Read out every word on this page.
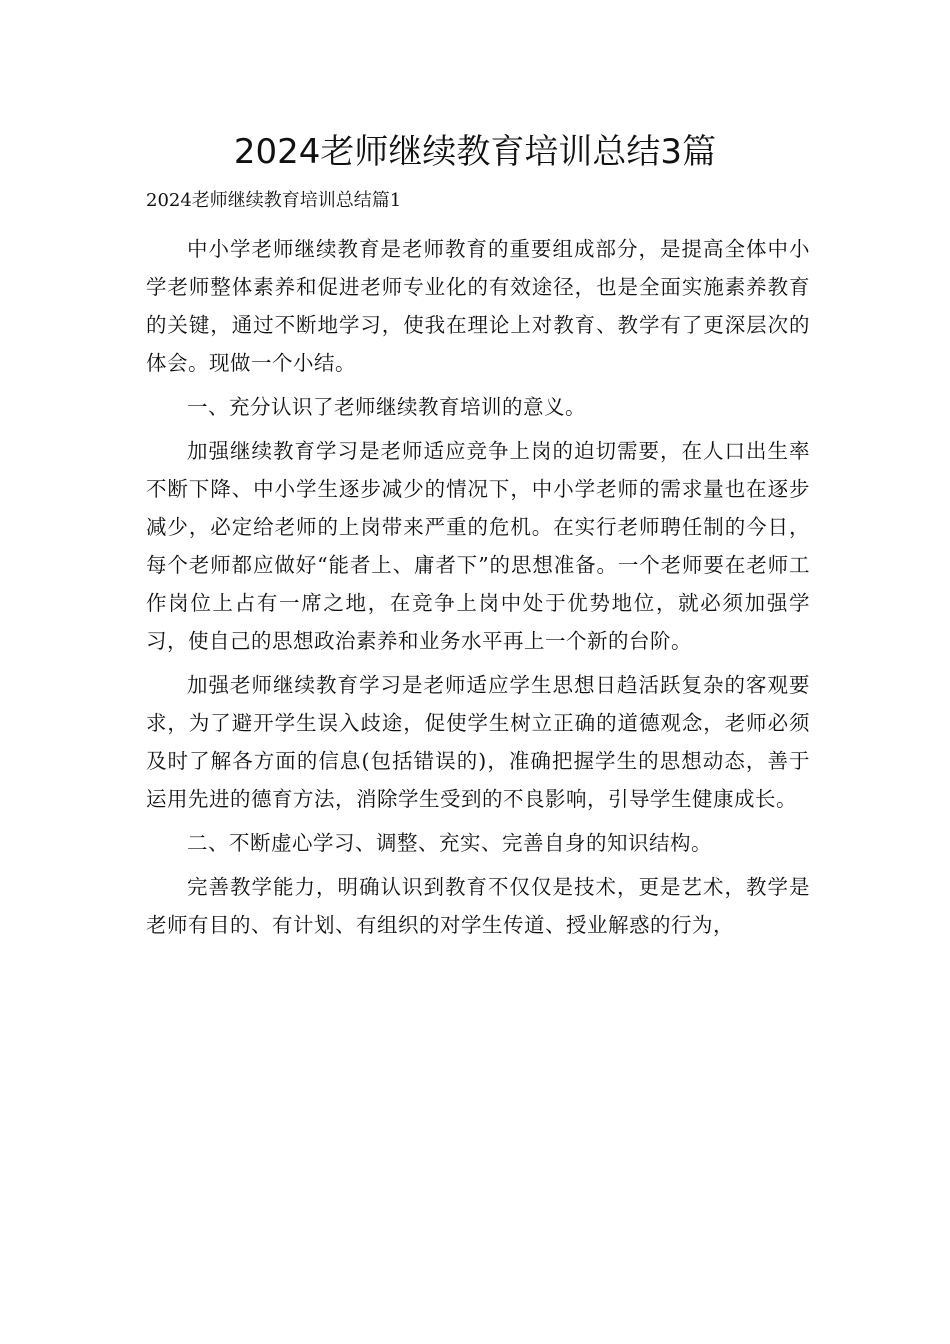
2024老师继续教育培训总结3篇

2024老师继续教育培训总结篇1

中小学老师继续教育是老师教育的重要组成部分，是提高全体中小学老师整体素养和促进老师专业化的有效途径，也是全面实施素养教育的关键，通过不断地学习，使我在理论上对教育、教学有了更深层次的体会。现做一个小结。

一、充分认识了老师继续教育培训的意义。

加强继续教育学习是老师适应竞争上岗的迫切需要，在人口出生率不断下降、中小学生逐步减少的情况下，中小学老师的需求量也在逐步减少，必定给老师的上岗带来严重的危机。在实行老师聘任制的今日，每个老师都应做好“能者上、庸者下”的思想准备。一个老师要在老师工作岗位上占有一席之地，在竞争上岗中处于优势地位，就必须加强学习，使自己的思想政治素养和业务水平再上一个新的台阶。

加强老师继续教育学习是老师适应学生思想日趋活跃复杂的客观要求，为了避开学生误入歧途，促使学生树立正确的道德观念，老师必须及时了解各方面的信息(包括错误的)，准确把握学生的思想动态，善于运用先进的德育方法，消除学生受到的不良影响，引导学生健康成长。

二、不断虚心学习、调整、充实、完善自身的知识结构。

完善教学能力，明确认识到教育不仅仅是技术，更是艺术，教学是老师有目的、有计划、有组织的对学生传道、授业解惑的行为，
